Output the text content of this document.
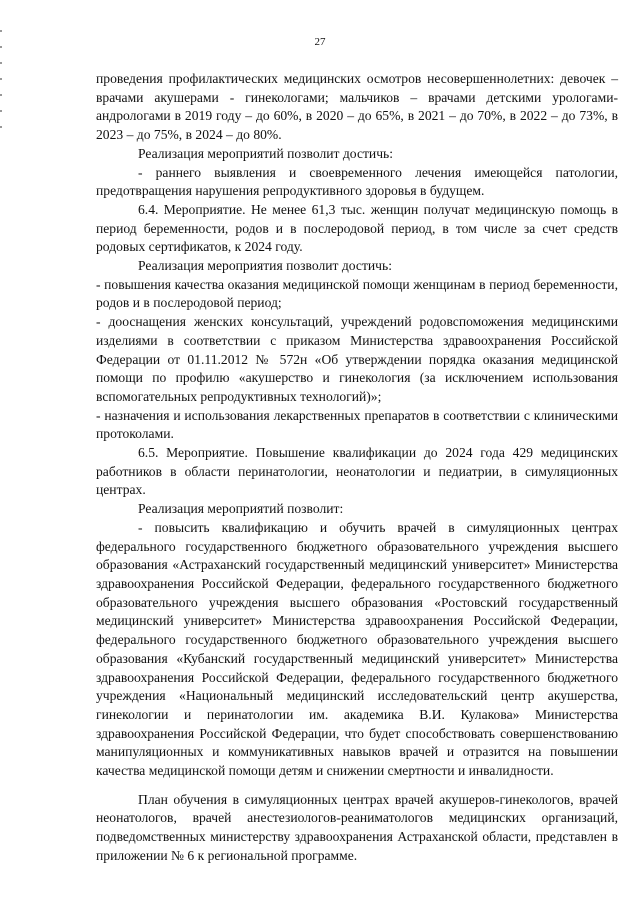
27

проведения профилактических медицинских осмотров несовершеннолетних: девочек – врачами акушерами - гинекологами; мальчиков – врачами детскими урологами-андрологами в 2019 году – до 60%, в 2020 – до 65%, в 2021 – до 70%, в 2022 – до 73%, в 2023 – до 75%, в 2024 – до 80%.

Реализация мероприятий позволит достичь:

- раннего выявления и своевременного лечения имеющейся патологии, предотвращения нарушения репродуктивного здоровья в будущем.

6.4. Мероприятие. Не менее 61,3 тыс. женщин получат медицинскую помощь в период беременности, родов и в послеродовой период, в том числе за счет средств родовых сертификатов, к 2024 году.

Реализация мероприятия позволит достичь:

- повышения качества оказания медицинской помощи женщинам в период беременности, родов и в послеродовой период;

- дооснащения женских консультаций, учреждений родовспоможения медицинскими изделиями в соответствии с приказом Министерства здравоохранения Российской Федерации от 01.11.2012 № 572н «Об утверждении порядка оказания медицинской помощи по профилю «акушерство и гинекология (за исключением использования вспомогательных репродуктивных технологий)»;

- назначения и использования лекарственных препаратов в соответствии с клиническими протоколами.

6.5. Мероприятие. Повышение квалификации до 2024 года 429 медицинских работников в области перинатологии, неонатологии и педиатрии, в симуляционных центрах.

Реализация мероприятий позволит:

- повысить квалификацию и обучить врачей в симуляционных центрах федерального государственного бюджетного образовательного учреждения высшего образования «Астраханский государственный медицинский университет» Министерства здравоохранения Российской Федерации, федерального государственного бюджетного образовательного учреждения высшего образования «Ростовский государственный медицинский университет» Министерства здравоохранения Российской Федерации, федерального государственного бюджетного образовательного учреждения высшего образования «Кубанский государственный медицинский университет» Министерства здравоохранения Российской Федерации, федерального государственного бюджетного учреждения «Национальный медицинский исследовательский центр акушерства, гинекологии и перинатологии им. академика В.И. Кулакова» Министерства здравоохранения Российской Федерации, что будет способствовать совершенствованию манипуляционных и коммуникативных навыков врачей и отразится на повышении качества медицинской помощи детям и снижении смертности и инвалидности.

План обучения в симуляционных центрах врачей акушеров-гинекологов, врачей неонатологов, врачей анестезиологов-реаниматологов медицинских организаций, подведомственных министерству здравоохранения Астраханской области, представлен в приложении № 6 к региональной программе.
